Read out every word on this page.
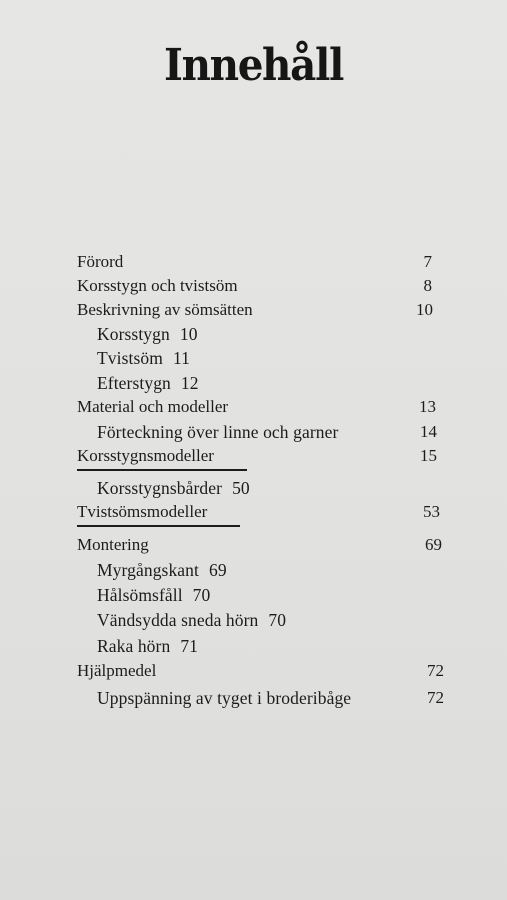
Innehåll
Förord	7
Korsstygn och tvistsöm	8
Beskrivning av sömsätten	10
Korsstygn 10
Tvistsöm 11
Efterstygn 12
Material och modeller	13
Förteckning över linne och garner	14
Korsstygnsmodeller	15
Korsstygnsbårder 50
Tvistsömsmodeller	53
Montering	69
Myrgångskant 69
Hålsömsfåll 70
Vändsydda sneda hörn 70
Raka hörn 71
Hjälpmedel	72
Uppspänning av tyget i broderibåge	72
